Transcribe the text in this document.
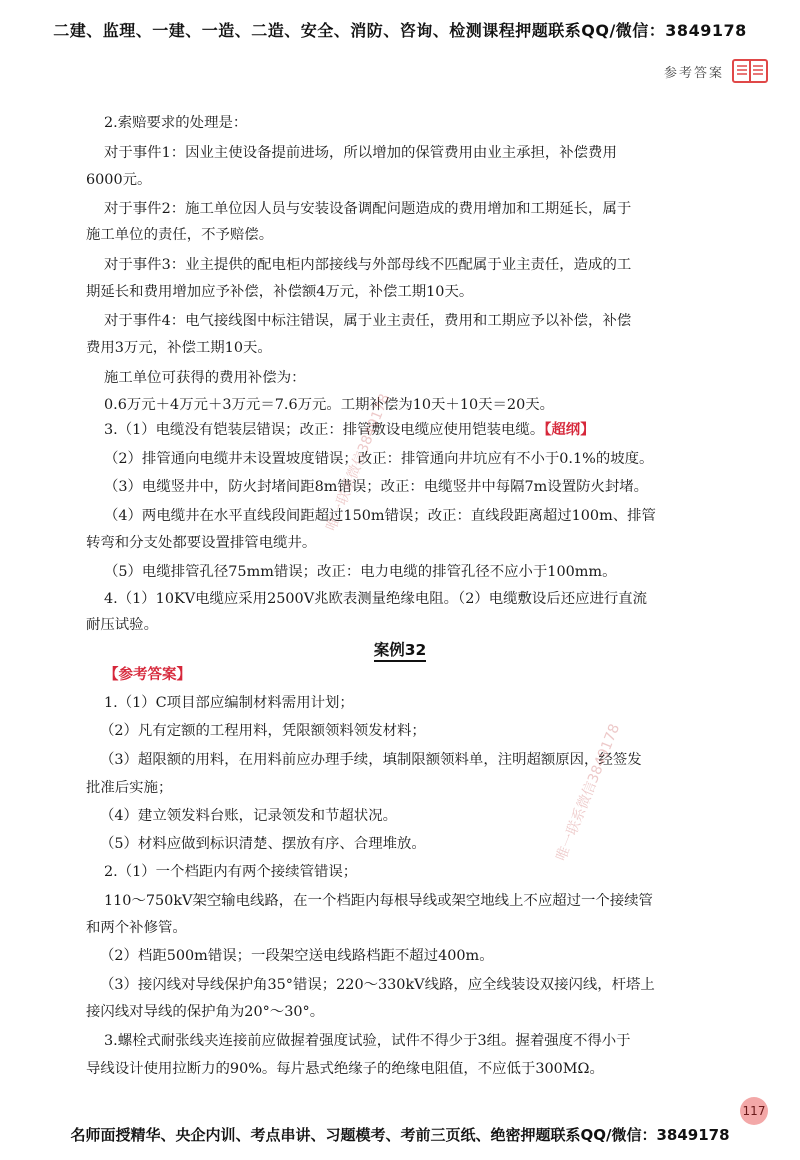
二建、监理、一建、一造、二造、安全、消防、咨询、检测课程押题联系QQ/微信：3849178
参考答案

2.索赔要求的处理是：

对于事件1：因业主使设备提前进场，所以增加的保管费用由业主承担，补偿费用

6000元。

对于事件2：施工单位因人员与安装设备调配问题造成的费用增加和工期延长，属于

施工单位的责任，不予赔偿。

对于事件3：业主提供的配电柜内部接线与外部母线不匹配属于业主责任，造成的工

期延长和费用增加应予补偿，补偿额4万元，补偿工期10天。

对于事件4：电气接线图中标注错误，属于业主责任，费用和工期应予以补偿，补偿

费用3万元，补偿工期10天。

施工单位可获得的费用补偿为：

0.6万元＋4万元＋3万元＝7.6万元。工期补偿为10天＋10天＝20天。

3.（1）电缆没有铠装层错误；改正：排管敷设电缆应使用铠装电缆。【超纲】

（2）排管通向电缆井未设置坡度错误；改正：排管通向井坑应有不小于0.1%的坡度。

（3）电缆竖井中，防火封堵间距8m错误；改正：电缆竖井中每隔7m设置防火封堵。

（4）两电缆井在水平直线段间距超过150m错误；改正：直线段距离超过100m、排管

转弯和分支处都要设置排管电缆井。

（5）电缆排管孔径75mm错误；改正：电力电缆的排管孔径不应小于100mm。

4.（1）10KV电缆应采用2500V兆欧表测量绝缘电阻。（2）电缆敷设后还应进行直流

耐压试验。

案例32
【参考答案】

1.（1）C项目部应编制材料需用计划；

（2）凡有定额的工程用料，凭限额领料领发材料；

（3）超限额的用料，在用料前应办理手续，填制限额领料单，注明超额原因，经签发

批准后实施；

（4）建立领发料台账，记录领发和节超状况。

（5）材料应做到标识清楚、摆放有序、合理堆放。

2.（1）一个档距内有两个接续管错误；

110～750kV架空输电线路，在一个档距内每根导线或架空地线上不应超过一个接续管

和两个补修管。

（2）档距500m错误；一段架空送电线路档距不超过400m。

（3）接闪线对导线保护角35°错误；220～330kV线路，应全线装设双接闪线，杆塔上

接闪线对导线的保护角为20°～30°。

3.螺栓式耐张线夹连接前应做握着强度试验，试件不得少于3组。握着强度不得小于

导线设计使用拉断力的90%。每片悬式绝缘子的绝缘电阻值，不应低于300MΩ。

唯一联系微信3849178
唯一联系微信3849178
117
名师面授精华、央企内训、考点串讲、习题模考、考前三页纸、绝密押题联系QQ/微信：3849178
